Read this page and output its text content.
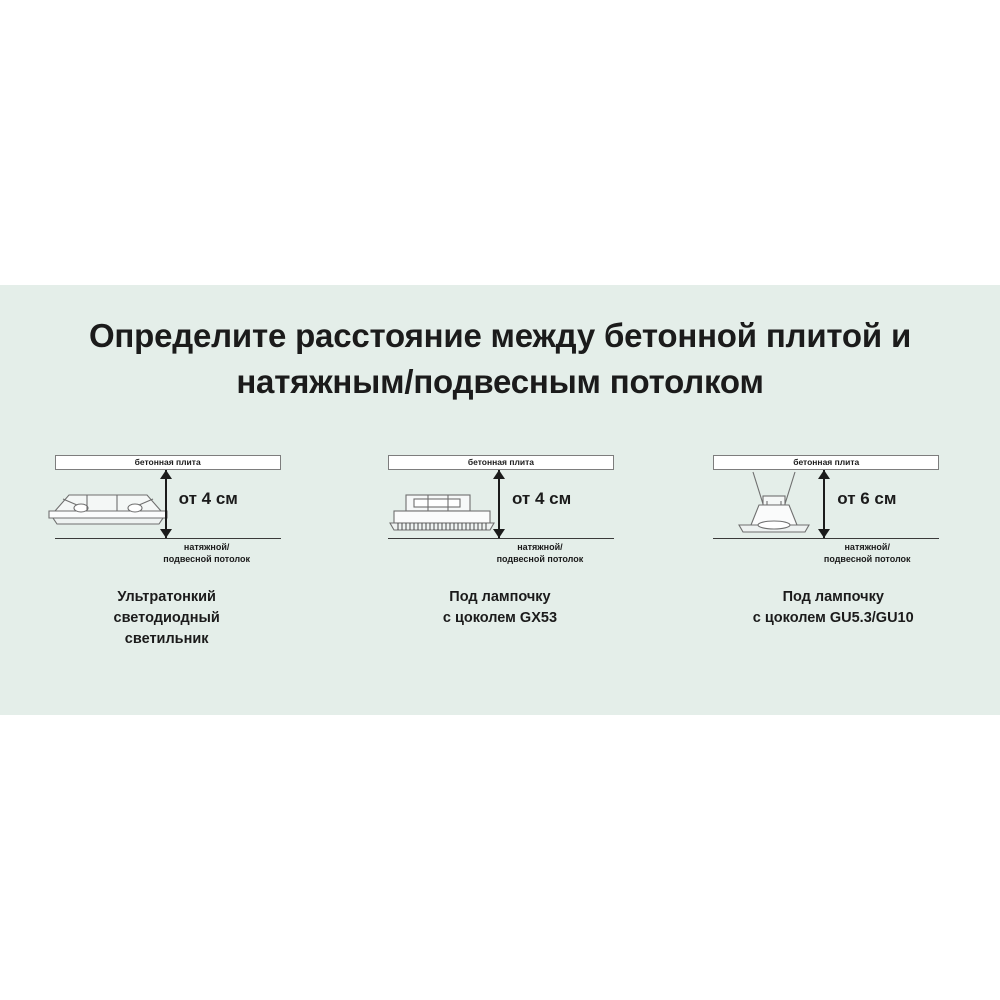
Определите расстояние между бетонной плитой и натяжным/подвесным потолком
бетонная плита
натяжной/
подвесной потолок
от 4 см
Ультратонкий
светодиодный
светильник
бетонная плита
натяжной/
подвесной потолок
от 4 см
Под лампочку
с цоколем GX53
бетонная плита
натяжной/
подвесной потолок
от 6 см
Под лампочку
с цоколем GU5.3/GU10
